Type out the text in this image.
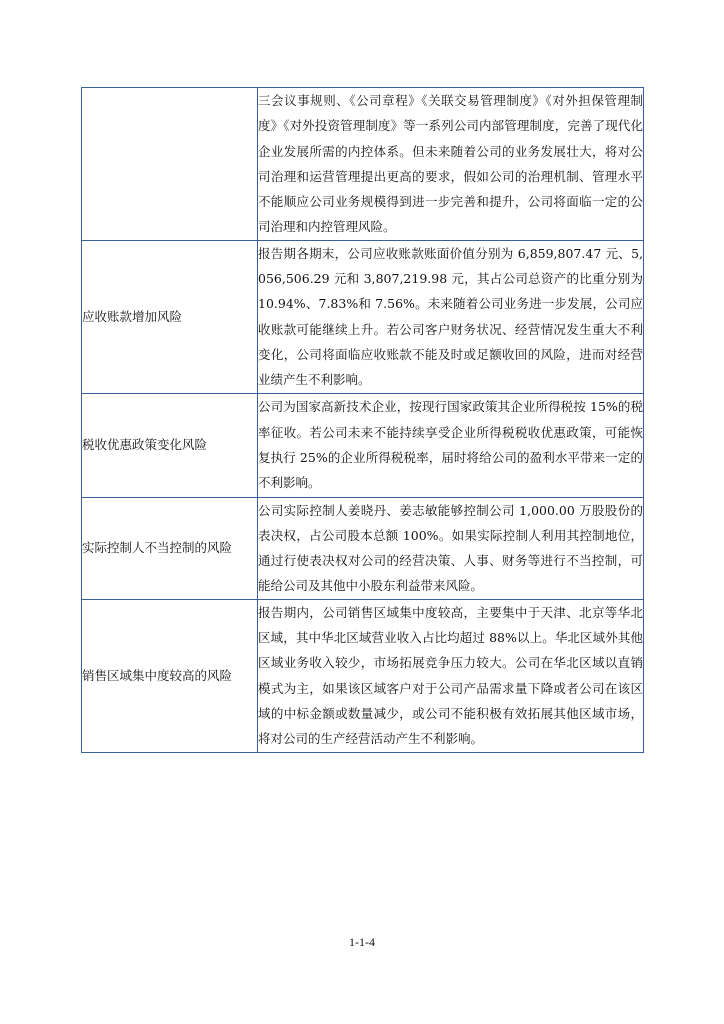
	三会议事规则、《公司章程》《关联交易管理制度》《对外担保管理制度》《对外投资管理制度》等一系列公司内部管理制度，完善了现代化企业发展所需的内控体系。但未来随着公司的业务发展壮大，将对公司治理和运营管理提出更高的要求，假如公司的治理机制、管理水平不能顺应公司业务规模得到进一步完善和提升，公司将面临一定的公司治理和内控管理风险。
应收账款增加风险	报告期各期末，公司应收账款账面价值分别为 6,859,807.47 元、5,056,506.29 元和 3,807,219.98 元，其占公司总资产的比重分别为 10.94%、7.83%和 7.56%。未来随着公司业务进一步发展，公司应收账款可能继续上升。若公司客户财务状况、经营情况发生重大不利变化，公司将面临应收账款不能及时或足额收回的风险，进而对经营业绩产生不利影响。
税收优惠政策变化风险	公司为国家高新技术企业，按现行国家政策其企业所得税按 15%的税率征收。若公司未来不能持续享受企业所得税税收优惠政策，可能恢复执行 25%的企业所得税税率，届时将给公司的盈利水平带来一定的不利影响。
实际控制人不当控制的风险	公司实际控制人姜晓丹、姜志敏能够控制公司 1,000.00 万股股份的表决权，占公司股本总额 100%。如果实际控制人利用其控制地位，通过行使表决权对公司的经营决策、人事、财务等进行不当控制，可能给公司及其他中小股东利益带来风险。
销售区域集中度较高的风险	报告期内，公司销售区域集中度较高，主要集中于天津、北京等华北区域，其中华北区域营业收入占比均超过 88%以上。华北区域外其他区域业务收入较少，市场拓展竞争压力较大。公司在华北区域以直销模式为主，如果该区域客户对于公司产品需求量下降或者公司在该区域的中标金额或数量减少，或公司不能积极有效拓展其他区域市场，将对公司的生产经营活动产生不利影响。
1-1-4
